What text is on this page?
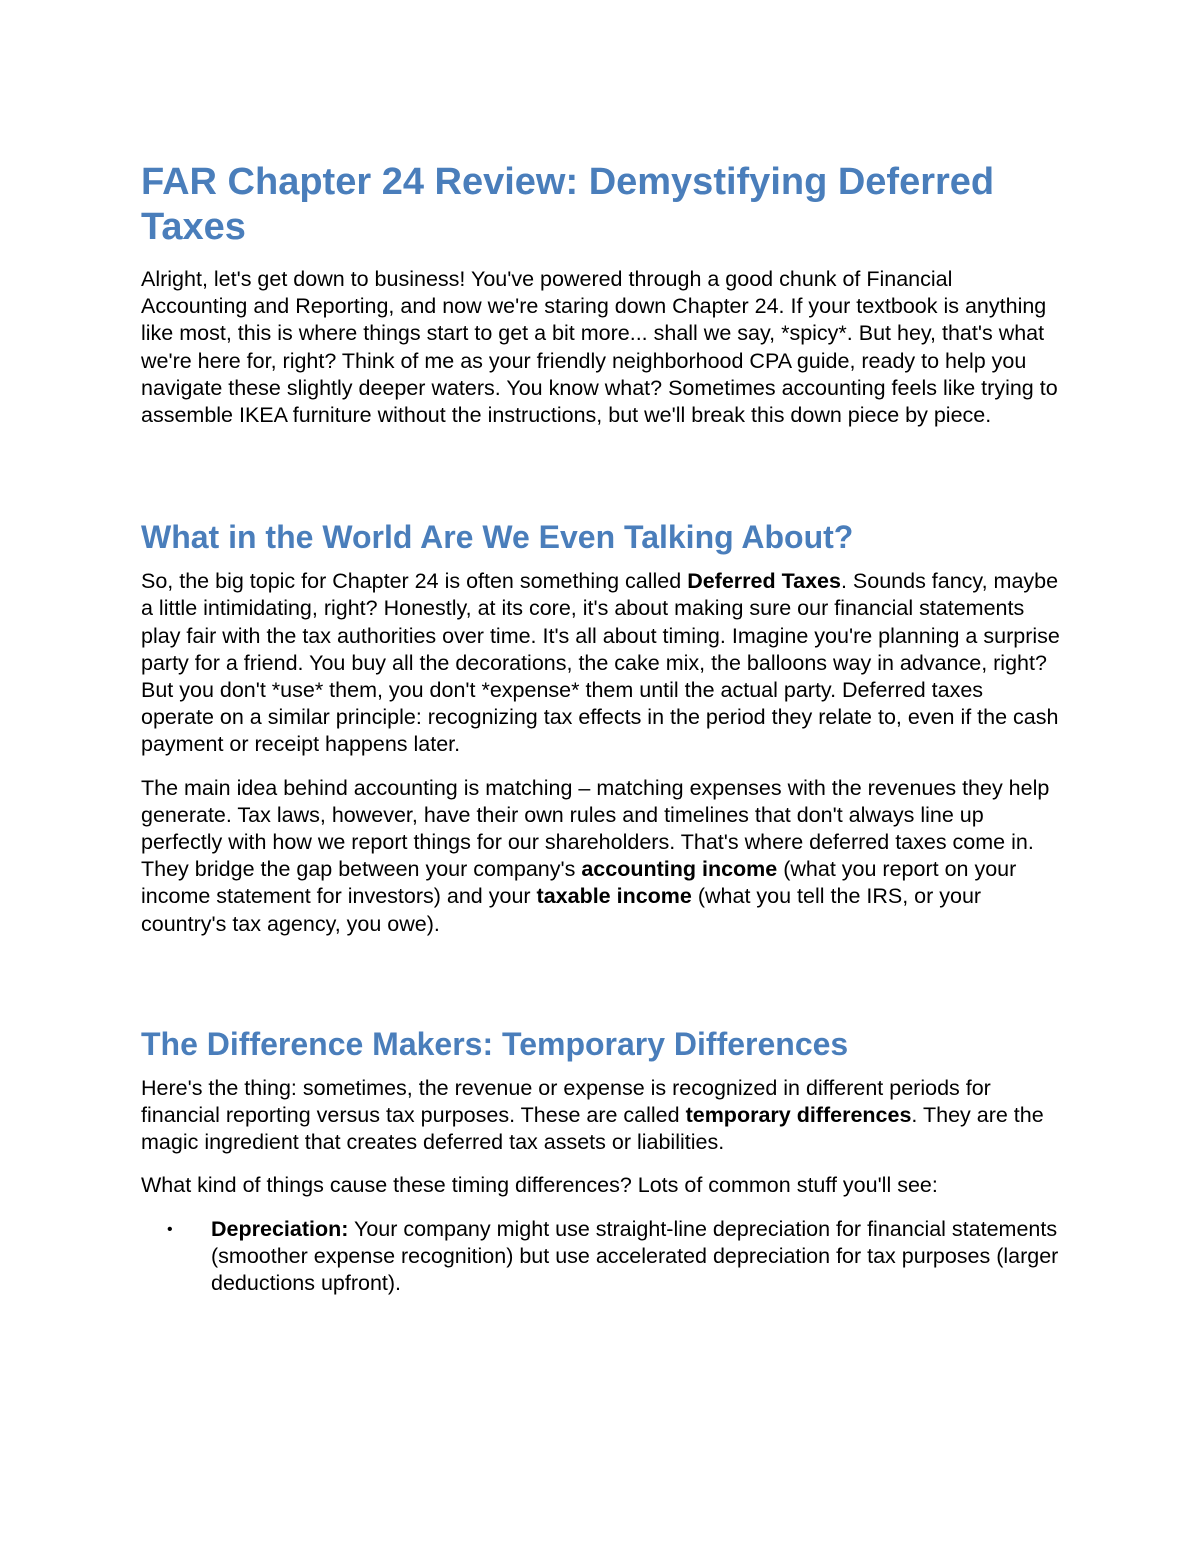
FAR Chapter 24 Review: Demystifying Deferred Taxes

Alright, let's get down to business! You've powered through a good chunk of Financial Accounting and Reporting, and now we're staring down Chapter 24. If your textbook is anything like most, this is where things start to get a bit more... shall we say, *spicy*. But hey, that's what we're here for, right? Think of me as your friendly neighborhood CPA guide, ready to help you navigate these slightly deeper waters. You know what? Sometimes accounting feels like trying to assemble IKEA furniture without the instructions, but we'll break this down piece by piece.

What in the World Are We Even Talking About?

So, the big topic for Chapter 24 is often something called Deferred Taxes. Sounds fancy, maybe a little intimidating, right? Honestly, at its core, it's about making sure our financial statements play fair with the tax authorities over time. It's all about timing. Imagine you're planning a surprise party for a friend. You buy all the decorations, the cake mix, the balloons way in advance, right? But you don't *use* them, you don't *expense* them until the actual party. Deferred taxes operate on a similar principle: recognizing tax effects in the period they relate to, even if the cash payment or receipt happens later.

The main idea behind accounting is matching – matching expenses with the revenues they help generate. Tax laws, however, have their own rules and timelines that don't always line up perfectly with how we report things for our shareholders. That's where deferred taxes come in. They bridge the gap between your company's accounting income (what you report on your income statement for investors) and your taxable income (what you tell the IRS, or your country's tax agency, you owe).

The Difference Makers: Temporary Differences

Here's the thing: sometimes, the revenue or expense is recognized in different periods for financial reporting versus tax purposes. These are called temporary differences. They are the magic ingredient that creates deferred tax assets or liabilities.

What kind of things cause these timing differences? Lots of common stuff you'll see:

• Depreciation: Your company might use straight-line depreciation for financial statements (smoother expense recognition) but use accelerated depreciation for tax purposes (larger deductions upfront).
